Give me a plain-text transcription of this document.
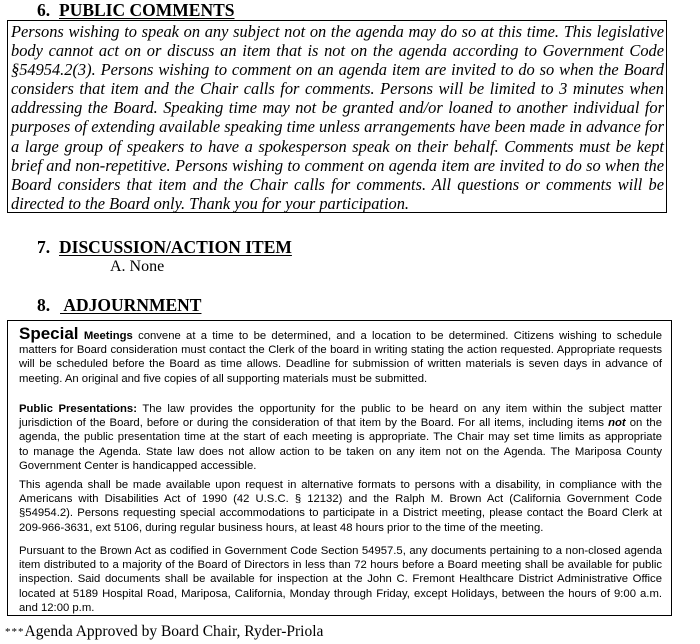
6. PUBLIC COMMENTS
Persons wishing to speak on any subject not on the agenda may do so at this time. This legislative
body cannot act on or discuss an item that is not on the agenda according to Government Code
§54954.2(3). Persons wishing to comment on an agenda item are invited to do so when the Board
considers that item and the Chair calls for comments. Persons will be limited to 3 minutes when
addressing the Board. Speaking time may not be granted and/or loaned to another individual for
purposes of extending available speaking time unless arrangements have been made in advance for
a large group of speakers to have a spokesperson speak on their behalf. Comments must be kept
brief and non-repetitive. Persons wishing to comment on agenda item are invited to do so when the
Board considers that item and the Chair calls for comments. All questions or comments will be
directed to the Board only. Thank you for your participation.
7. DISCUSSION/ACTION ITEM
A. None
8. ADJOURNMENT
Special Meetings convene at a time to be determined, and a location to be determined. Citizens wishing to schedule
matters for Board consideration must contact the Clerk of the board in writing stating the action requested. Appropriate requests
will be scheduled before the Board as time allows. Deadline for submission of written materials is seven days in advance of
meeting. An original and five copies of all supporting materials must be submitted.
Public Presentations: The law provides the opportunity for the public to be heard on any item within the subject matter
jurisdiction of the Board, before or during the consideration of that item by the Board. For all items, including items not on the
agenda, the public presentation time at the start of each meeting is appropriate. The Chair may set time limits as appropriate
to manage the Agenda. State law does not allow action to be taken on any item not on the Agenda. The Mariposa County
Government Center is handicapped accessible.
This agenda shall be made available upon request in alternative formats to persons with a disability, in compliance with the
Americans with Disabilities Act of 1990 (42 U.S.C. § 12132) and the Ralph M. Brown Act (California Government Code
§54954.2). Persons requesting special accommodations to participate in a District meeting, please contact the Board Clerk at
209-966-3631, ext 5106, during regular business hours, at least 48 hours prior to the time of the meeting.
Pursuant to the Brown Act as codified in Government Code Section 54957.5, any documents pertaining to a non-closed agenda
item distributed to a majority of the Board of Directors in less than 72 hours before a Board meeting shall be available for public
inspection. Said documents shall be available for inspection at the John C. Fremont Healthcare District Administrative Office
located at 5189 Hospital Road, Mariposa, California, Monday through Friday, except Holidays, between the hours of 9:00 a.m.
and 12:00 p.m.
***Agenda Approved by Board Chair, Ryder-Priola
